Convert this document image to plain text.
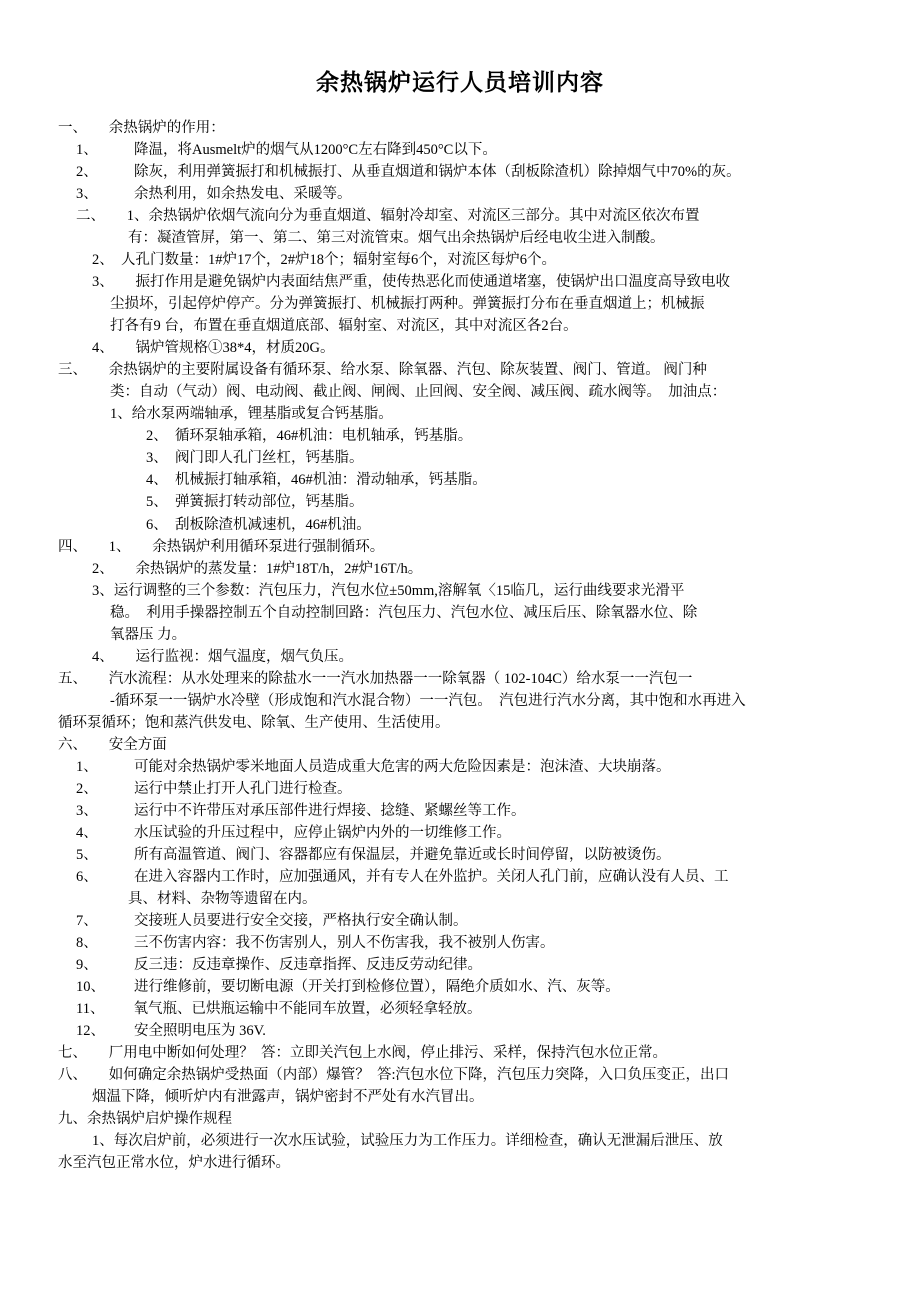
余热锅炉运行人员培训内容
一、      余热锅炉的作用：
1、          降温，将Ausmelt炉的烟气从1200°C左右降到450°C以下。
2、          除灰，利用弹簧振打和机械振打、从垂直烟道和锅炉本体（刮板除渣机）除掉烟气中70%的灰。
3、          余热利用，如余热发电、采暖等。
二、      1、余热锅炉依烟气流向分为垂直烟道、辐射冷却室、对流区三部分。其中对流区依次布置
有：凝渣管屏，第一、第二、第三对流管束。烟气出余热锅炉后经电收尘进入制酸。
2、  人孔门数量：1#炉17个，2#炉18个；辐射室每6个，对流区每炉6个。
3、      振打作用是避免锅炉内表面结焦严重，使传热恶化而使通道堵塞，使锅炉出口温度高导致电收
尘损坏，引起停炉停产。分为弹簧振打、机械振打两种。弹簧振打分布在垂直烟道上；机械振
打各有9 台，布置在垂直烟道底部、辐射室、对流区，其中对流区各2台。
4、      锅炉管规格①38*4，材质20G。
三、      余热锅炉的主要附属设备有循环泵、给水泵、除氧器、汽包、除灰装置、阀门、管道。 阀门种
类：自动（气动）阀、电动阀、截止阀、闸阀、止回阀、安全阀、减压阀、疏水阀等。  加油点：
1、给水泵两端轴承，锂基脂或复合钙基脂。
2、  循环泵轴承箱，46#机油：电机轴承，钙基脂。
3、  阀门即人孔门丝杠，钙基脂。
4、  机械振打轴承箱，46#机油：滑动轴承，钙基脂。
5、  弹簧振打转动部位，钙基脂。
6、  刮板除渣机减速机，46#机油。
四、      1、      余热锅炉利用循环泵进行强制循环。
2、      余热锅炉的蒸发量：1#炉18T/h，2#炉16T/h。
3、运行调整的三个参数：汽包压力，汽包水位±50mm,溶解氧〈15临几，运行曲线要求光滑平
稳。  利用手操器控制五个自动控制回路：汽包压力、汽包水位、减压后压、除氧器水位、除
氧器压 力。
4、      运行监视：烟气温度，烟气负压。
五、      汽水流程：从水处理来的除盐水一一汽水加热器一一除氧器（ 102-104C）给水泵一一汽包一
-循环泵一一锅炉水冷壁（形成饱和汽水混合物）一一汽包。  汽包进行汽水分离，其中饱和水再进入
循环泵循环；饱和蒸汽供发电、除氧、生产使用、生活使用。
六、      安全方面
1、          可能对余热锅炉零米地面人员造成重大危害的两大危险因素是：泡沫渣、大块崩落。
2、          运行中禁止打开人孔门进行检查。
3、          运行中不许带压对承压部件进行焊接、捻缝、紧螺丝等工作。
4、          水压试验的升压过程中，应停止锅炉内外的一切维修工作。
5、          所有高温管道、阀门、容器都应有保温层，并避免靠近或长时间停留，以防被烫伤。
6、          在进入容器内工作时，应加强通风，并有专人在外监护。关闭人孔门前，应确认没有人员、工
具、材料、杂物等遗留在内。
7、          交接班人员要进行安全交接，严格执行安全确认制。
8、          三不伤害内容：我不伤害别人，别人不伤害我，我不被别人伤害。
9、          反三违：反违章操作、反违章指挥、反违反劳动纪律。
10、        进行维修前，要切断电源（开关打到检修位置），隔绝介质如水、汽、灰等。
11、        氧气瓶、已烘瓶运输中不能同车放置，必须轻拿轻放。
12、        安全照明电压为 36V.
七、      厂用电中断如何处理？  答：立即关汽包上水阀，停止排污、采样，保持汽包水位正常。
八、      如何确定余热锅炉受热面（内部）爆管？  答:汽包水位下降，汽包压力突降，入口负压变正，出口
烟温下降，倾听炉内有泄露声，锅炉密封不严处有水汽冒出。
九、余热锅炉启炉操作规程
1、每次启炉前，必须进行一次水压试验，试验压力为工作压力。详细检查，确认无泄漏后泄压、放
水至汽包正常水位，炉水进行循环。
